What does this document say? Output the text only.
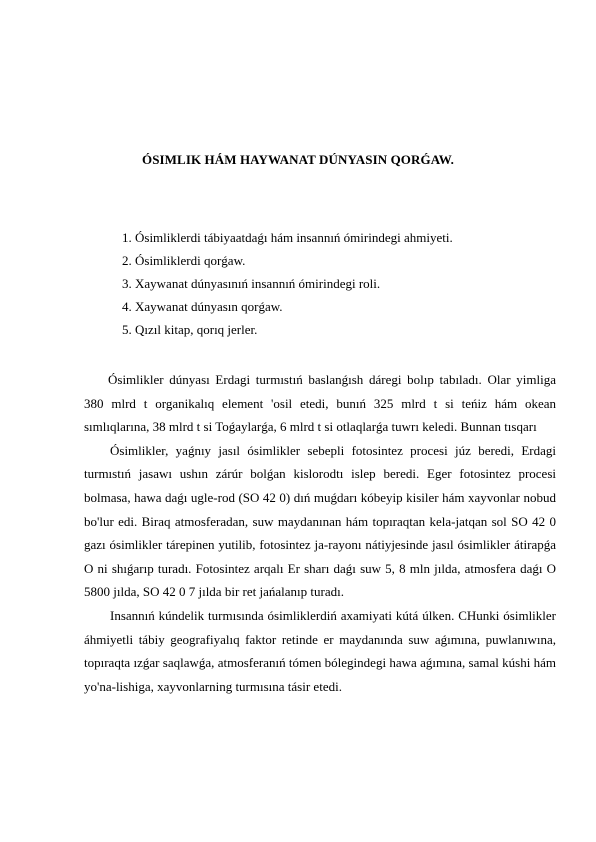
ÓSIMLIK HÁM HAYWANAT DÚNYASIN QORǴAW.
1. Ósimliklerdi tábiyaatdaǵı hám insannıń ómirindegi ahmiyeti.
2. Ósimliklerdi qorǵaw.
3. Xaywanat dúnyasınıń insannıń ómirindegi roli.
4. Xaywanat dúnyasın qorǵaw.
5. Qızıl kitap, qorıq jerler.

Ósimlikler dúnyası Erdagi turmıstıń baslanǵısh dáregi bolıp tabıladı. Olar yimliga 380 mlrd t organikalıq element 'osil etedi, bunıń 325 mlrd t si teńiz hám okean sımlıqlarına, 38 mlrd t si Toǵaylarǵa, 6 mlrd t si otlaqlarǵa tuwrı keledi. Bunnan tısqarı

Ósimlikler, yaǵnıy jasıl ósimlikler sebepli fotosintez procesi júz beredi, Erdagi turmıstıń jasawı ushın zárúr bolǵan kislorodtı islep beredi. Eger fotosintez procesi bolmasa, hawa daǵı ugle-rod (SO 42 0) dıń muǵdarı kóbeyip kisiler hám xayvonlar nobud bo'lur edi. Biraq atmosferadan, suw maydanınan hám topıraqtan kela-jatqan sol SO 42 0 gazı ósimlikler tárepinen yutilib, fotosintez ja-rayonı nátiyjesinde jasıl ósimlikler átirapǵa O ni shıǵarıp turadı. Fotosintez arqalı Er sharı daǵı suw 5, 8 mln jılda, atmosfera daǵı O 5800 jılda, SO 42 0 7 jılda bir ret jańalanıp turadı.

Insannıń kúndelik turmısında ósimliklerdiń axamiyati kútá úlken. CHunki ósimlikler áhmiyetli tábiy geografiyalıq faktor retinde er maydanında suw aǵımına, puwlanıwına, topıraqta ızǵar saqlawǵa, atmosferanıń tómen bólegindegi hawa aǵımına, samal kúshi hám yo'na-lishiga, xayvonlarning turmısına tásir etedi.
